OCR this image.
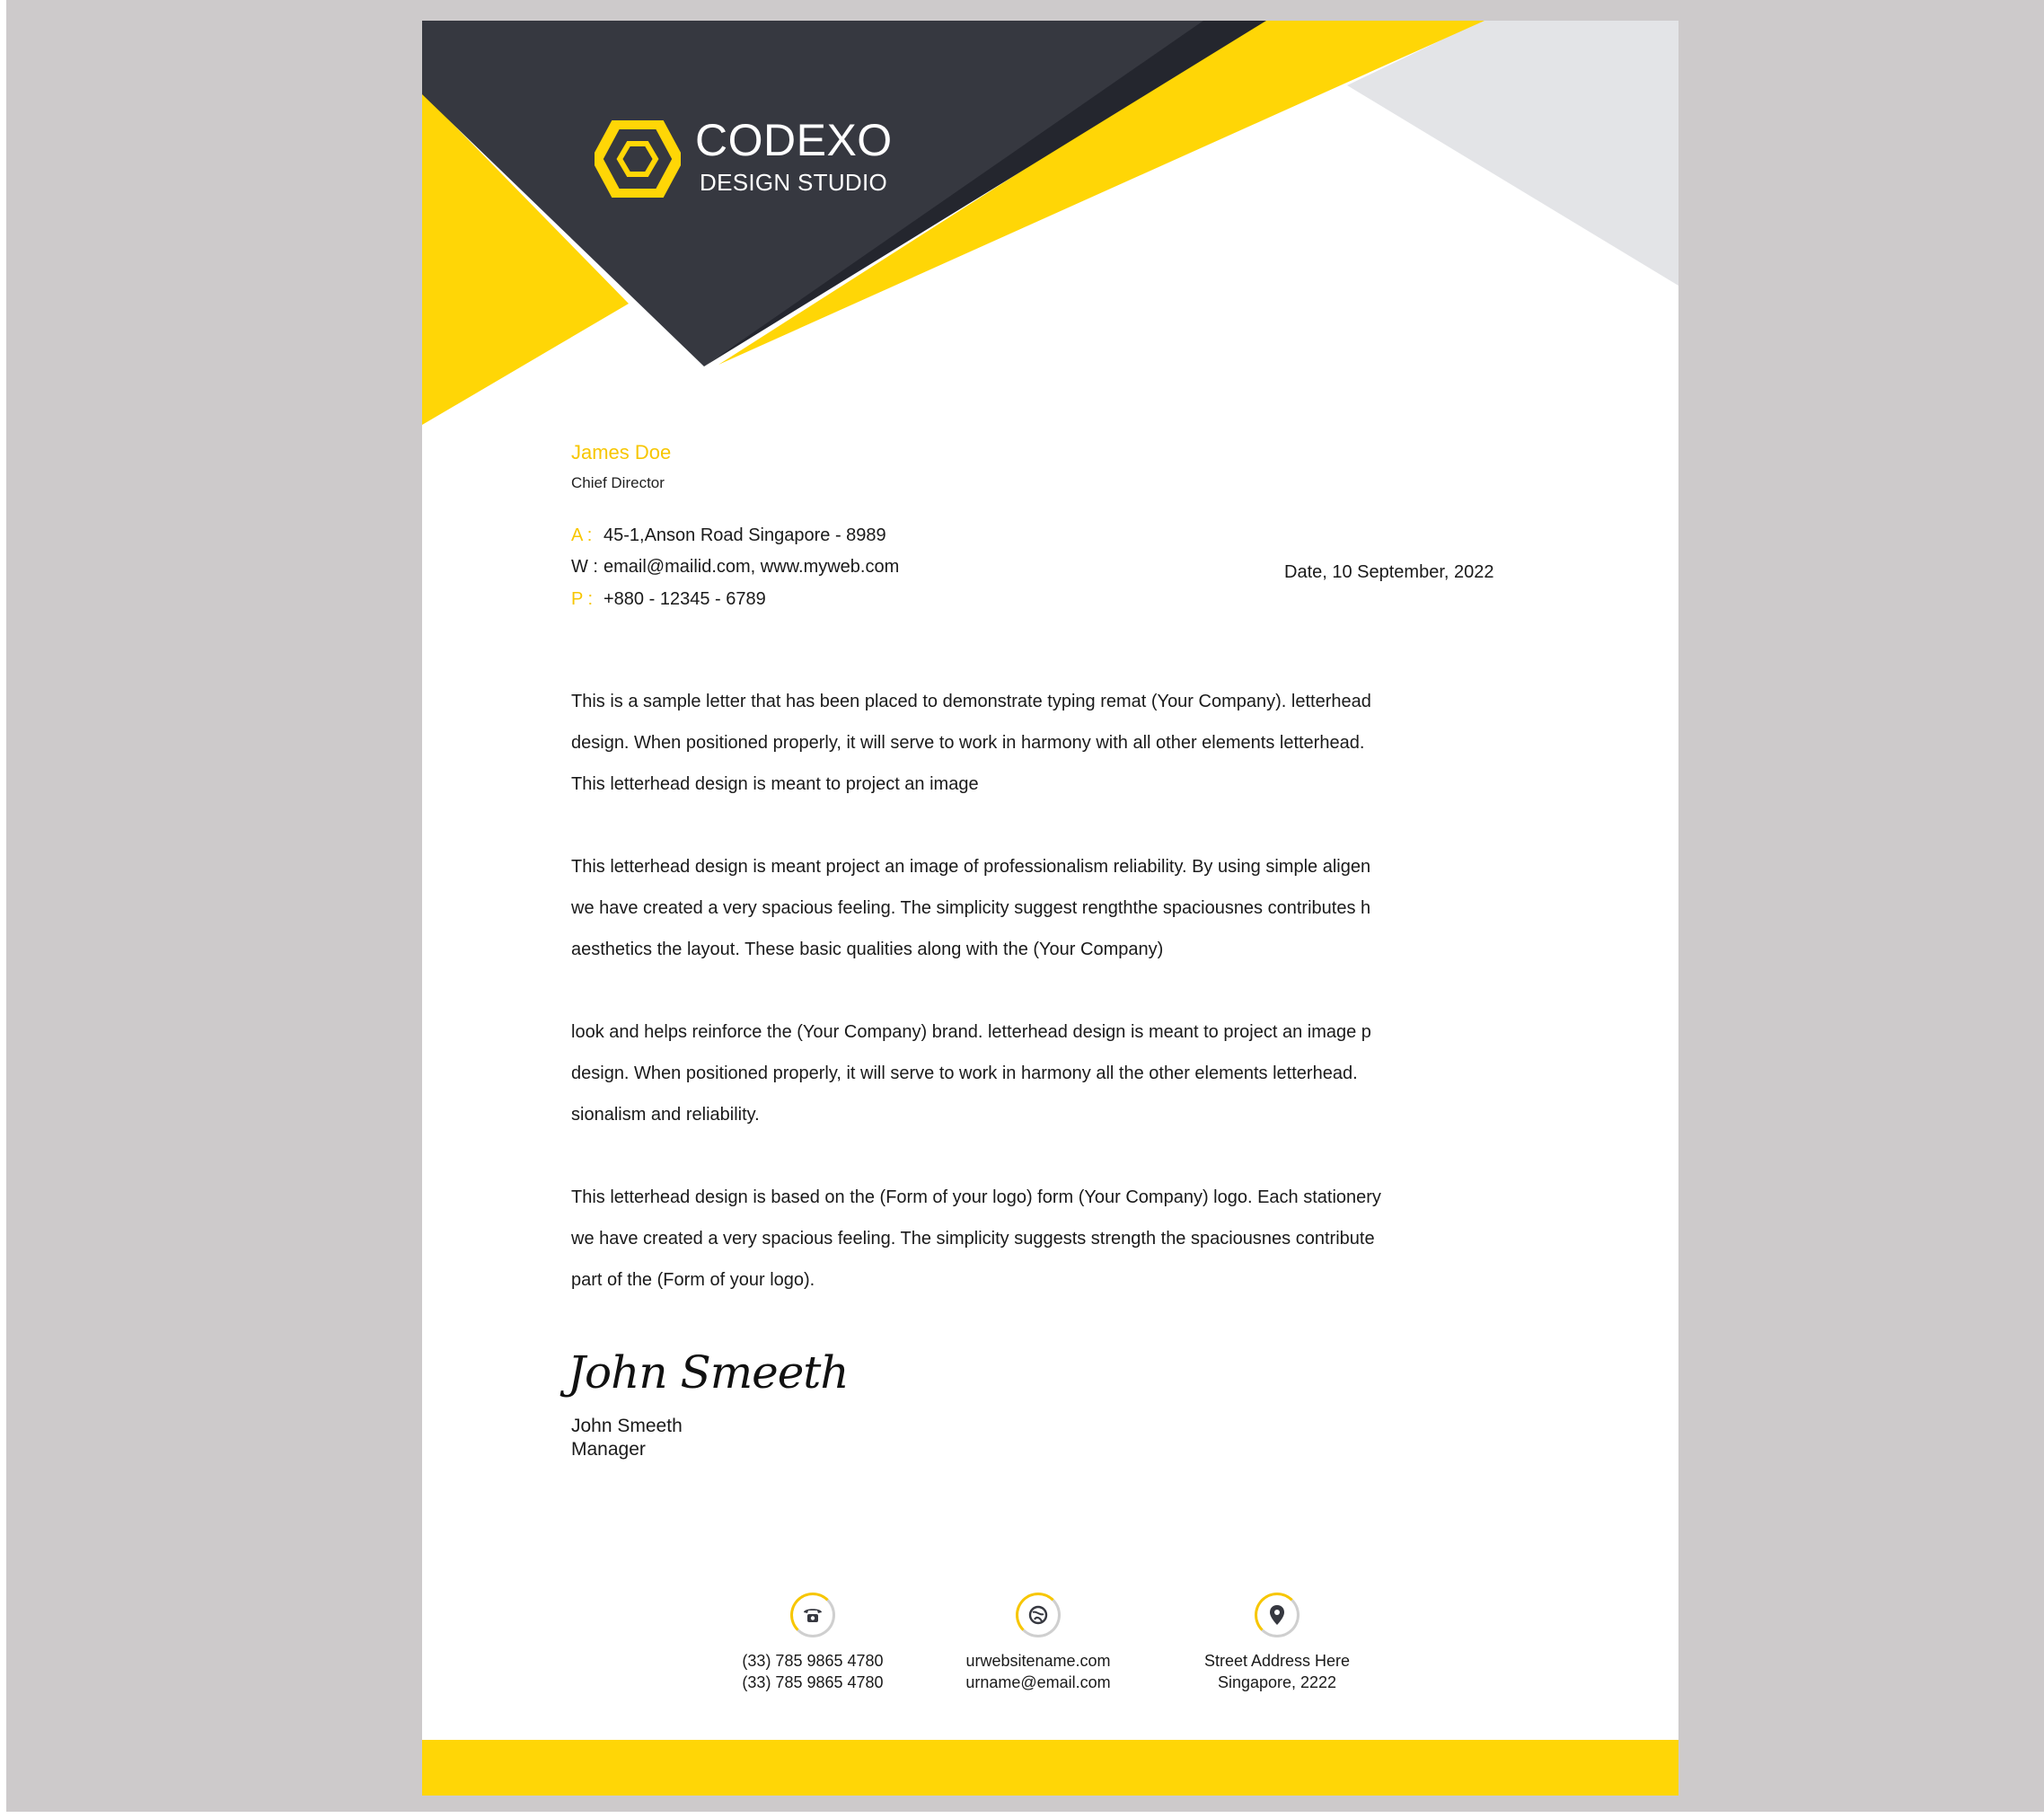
CODEXO
DESIGN STUDIO
James Doe
Chief Director
A : 45-1,Anson Road Singapore - 8989
W : email@mailid.com, www.myweb.com
P : +880 - 12345 - 6789
Date, 10 September, 2022
This is a sample letter that has been placed to demonstrate typing remat (Your Company). letterhead
design. When positioned properly, it will serve to work in harmony with all other elements letterhead.
This letterhead design is meant to project an image
This letterhead design is meant project an image of professionalism reliability. By using simple aligen
we have created a very spacious feeling. The simplicity suggest rengththe spaciousnes contributes h
aesthetics the layout. These basic qualities along with the (Your Company)
look and helps reinforce the (Your Company) brand. letterhead design is meant to project an image p
design. When positioned properly, it will serve to work in harmony all the other elements letterhead.
sionalism and reliability.
This letterhead design is based on the (Form of your logo) form (Your Company) logo. Each stationery
we have created a very spacious feeling. The simplicity suggests strength the spaciousnes contribute
part of the (Form of your logo).
John Smeeth
John Smeeth
Manager
(33) 785 9865 4780
(33) 785 9865 4780
urwebsitename.com
urname@email.com
Street Address Here
Singapore, 2222
